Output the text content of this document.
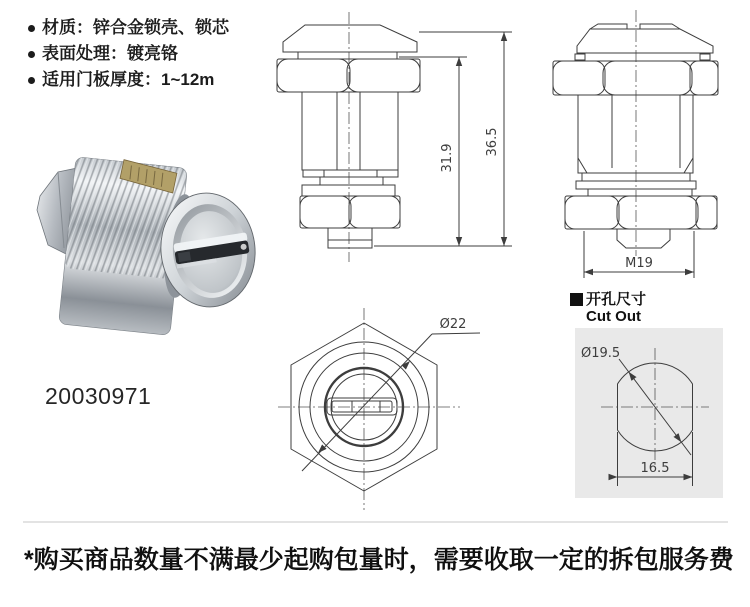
材质：锌合金锁壳、锁芯
表面处理：镀亮铬
适用门板厚度：1~12m
20030971
36.5
31.9
M19
Ø22
开孔尺寸
Cut Out
Ø19.5
16.5
*购买商品数量不满最少起购包量时，需要收取一定的拆包服务费
